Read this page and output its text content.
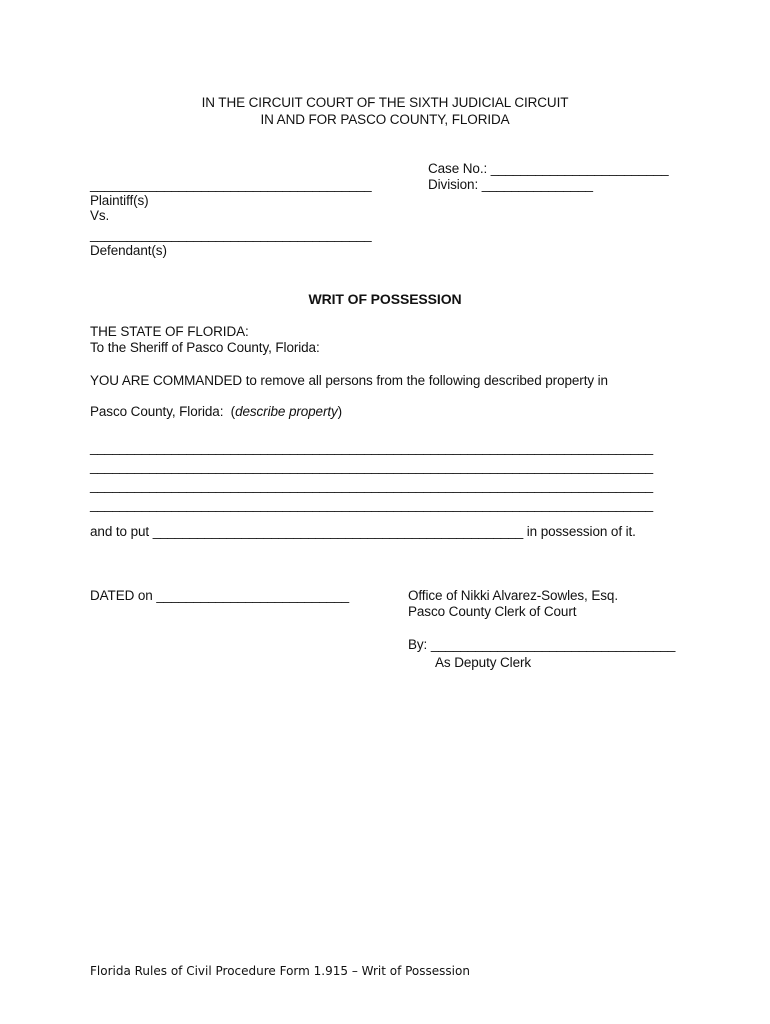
IN THE CIRCUIT COURT OF THE SIXTH JUDICIAL CIRCUIT
IN AND FOR PASCO COUNTY, FLORIDA
Case No.: ________________________
Division: _______________
______________________________________
Plaintiff(s)
Vs.
______________________________________
Defendant(s)
WRIT OF POSSESSION
THE STATE OF FLORIDA:
To the Sheriff of Pasco County, Florida:
YOU ARE COMMANDED to remove all persons from the following described property in
Pasco County, Florida:  (describe property)
____________________________________________________________________________
____________________________________________________________________________
____________________________________________________________________________
____________________________________________________________________________
and to put __________________________________________________ in possession of it.
DATED on __________________________	Office of Nikki Alvarez-Sowles, Esq.
Pasco County Clerk of Court
By: _________________________________
As Deputy Clerk
Florida Rules of Civil Procedure Form 1.915 – Writ of Possession
